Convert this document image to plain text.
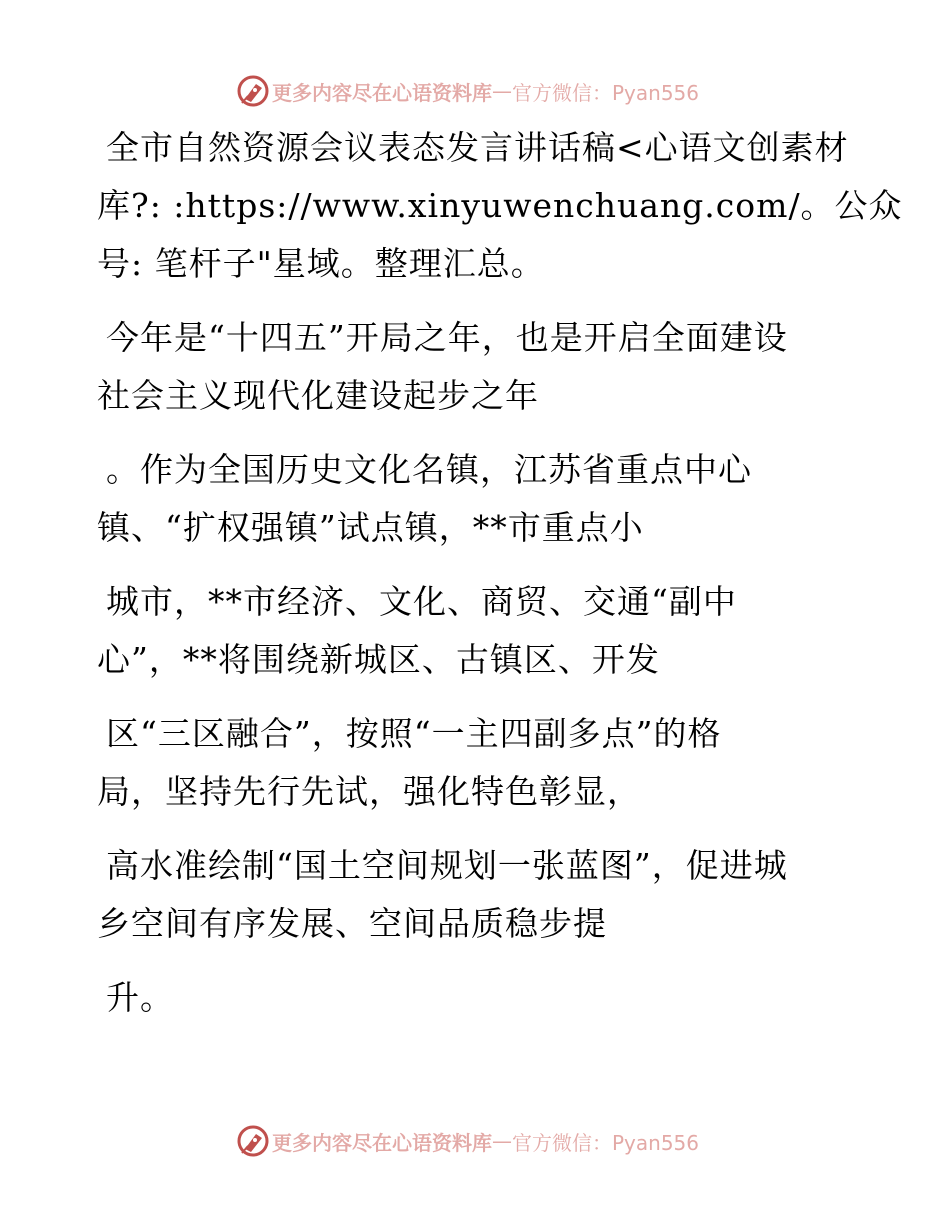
更多内容尽在心语资料库 — 官方微信：Pyan556
全市自然资源会议表态发言讲话稿<心语文创素材
库?: :https://www.xinyuwenchuang.com/。公众
号: 笔杆子"星域。整理汇总。
今年是“十四五”开局之年，也是开启全面建设
社会主义现代化建设起步之年
。作为全国历史文化名镇，江苏省重点中心
镇、“扩权强镇”试点镇，**市重点小
城市，**市经济、文化、商贸、交通“副中
心”，**将围绕新城区、古镇区、开发
区“三区融合”，按照“一主四副多点”的格
局，坚持先行先试，强化特色彰显，
高水准绘制“国土空间规划一张蓝图”，促进城
乡空间有序发展、空间品质稳步提
升。
更多内容尽在心语资料库 — 官方微信：Pyan556
